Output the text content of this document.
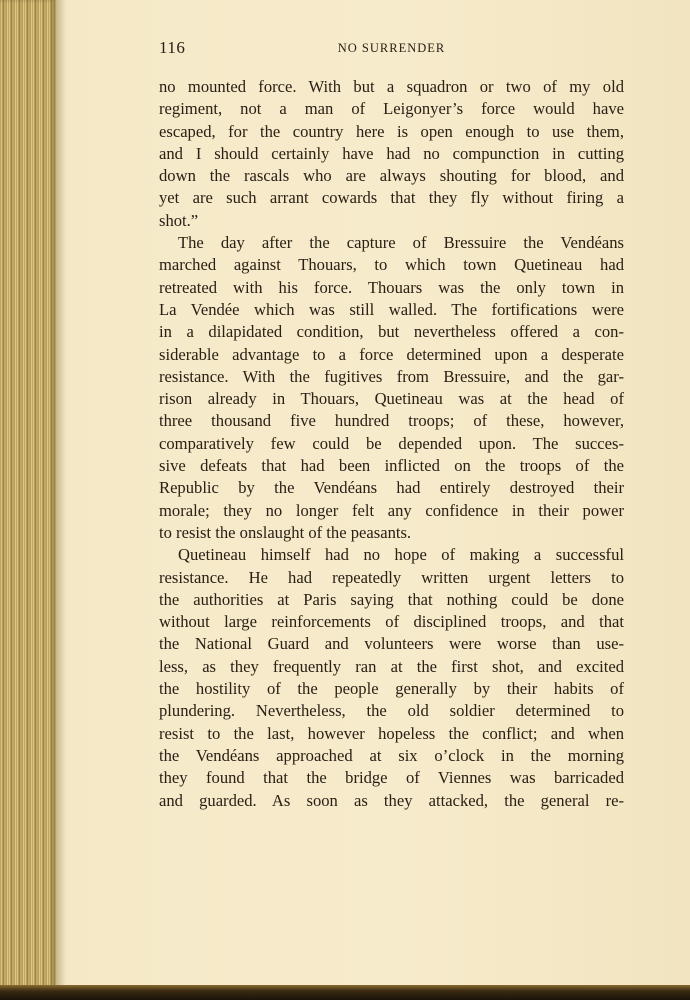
116	NO SURRENDER
no mounted force. With but a squadron or two of my old
regiment, not a man of Leigonyer’s force would have
escaped, for the country here is open enough to use them,
and I should certainly have had no compunction in cutting
down the rascals who are always shouting for blood, and
yet are such arrant cowards that they fly without firing a
shot.”
The day after the capture of Bressuire the Vendéans
marched against Thouars, to which town Quetineau had
retreated with his force. Thouars was the only town in
La Vendée which was still walled. The fortifications were
in a dilapidated condition, but nevertheless offered a con-
siderable advantage to a force determined upon a desperate
resistance. With the fugitives from Bressuire, and the gar-
rison already in Thouars, Quetineau was at the head of
three thousand five hundred troops; of these, however,
comparatively few could be depended upon. The succes-
sive defeats that had been inflicted on the troops of the
Republic by the Vendéans had entirely destroyed their
morale; they no longer felt any confidence in their power
to resist the onslaught of the peasants.
Quetineau himself had no hope of making a successful
resistance. He had repeatedly written urgent letters to
the authorities at Paris saying that nothing could be done
without large reinforcements of disciplined troops, and that
the National Guard and volunteers were worse than use-
less, as they frequently ran at the first shot, and excited
the hostility of the people generally by their habits of
plundering. Nevertheless, the old soldier determined to
resist to the last, however hopeless the conflict; and when
the Vendéans approached at six o’clock in the morning
they found that the bridge of Viennes was barricaded
and guarded. As soon as they attacked, the general re-
